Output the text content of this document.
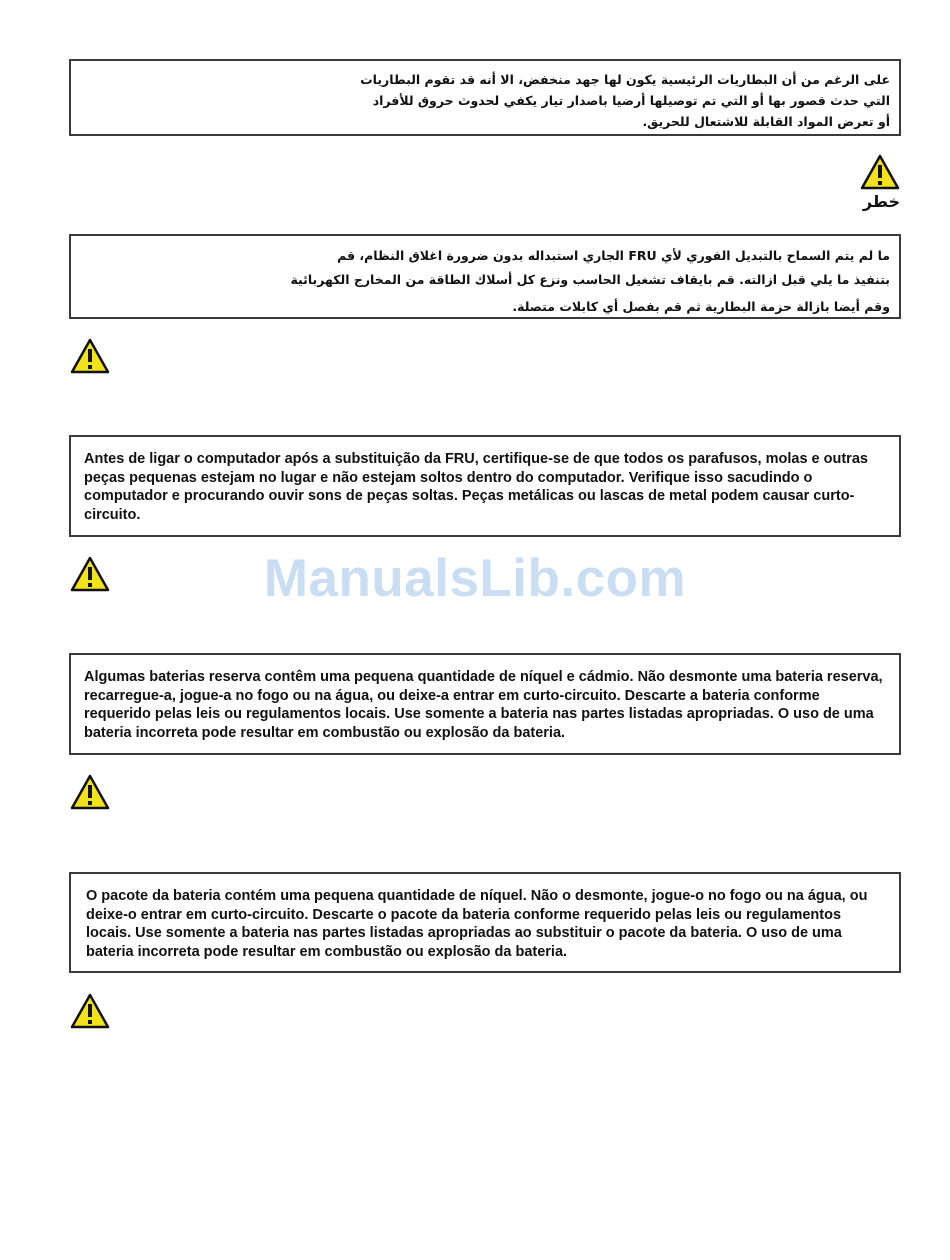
على الرغم من أن البطاريات الرئيسية يكون لها جهد منخفض، الا أنه قد تقوم البطاريات

التي حدث قصور بها أو التي تم توصيلها أرضيا باصدار تيار يكفي لحدوث حروق للأفراد

أو تعرض المواد القابلة للاشتعال للحريق.

خطر

ما لم يتم السماح بالتبديل الفوري لأي FRU الجاري استبداله بدون ضرورة اغلاق النظام، قم

بتنفيذ ما يلي قبل ازالته. قم بايقاف تشغيل الحاسب ونزع كل أسلاك الطاقة من المخارج الكهربائية

وقم أيضا بازالة حزمة البطارية ثم قم بفصل أي كابلات متصلة.

Antes de ligar o computador após a substituição da FRU, certifique-se de que todos os parafusos, molas e outras peças pequenas estejam no lugar e não estejam soltos dentro do computador. Verifique isso sacudindo o computador e procurando ouvir sons de peças soltas. Peças metálicas ou lascas de metal podem causar curto-circuito.

ManualsLib.com

Algumas baterias reserva contêm uma pequena quantidade de níquel e cádmio. Não desmonte uma bateria reserva, recarregue-a, jogue-a no fogo ou na água, ou deixe-a entrar em curto-circuito. Descarte a bateria conforme requerido pelas leis ou regulamentos locais. Use somente a bateria nas partes listadas apropriadas. O uso de uma bateria incorreta pode resultar em combustão ou explosão da bateria.

O pacote da bateria contém uma pequena quantidade de níquel. Não o desmonte, jogue-o no fogo ou na água, ou deixe-o entrar em curto-circuito. Descarte o pacote da bateria conforme requerido pelas leis ou regulamentos locais. Use somente a bateria nas partes listadas apropriadas ao substituir o pacote da bateria. O uso de uma bateria incorreta pode resultar em combustão ou explosão da bateria.
